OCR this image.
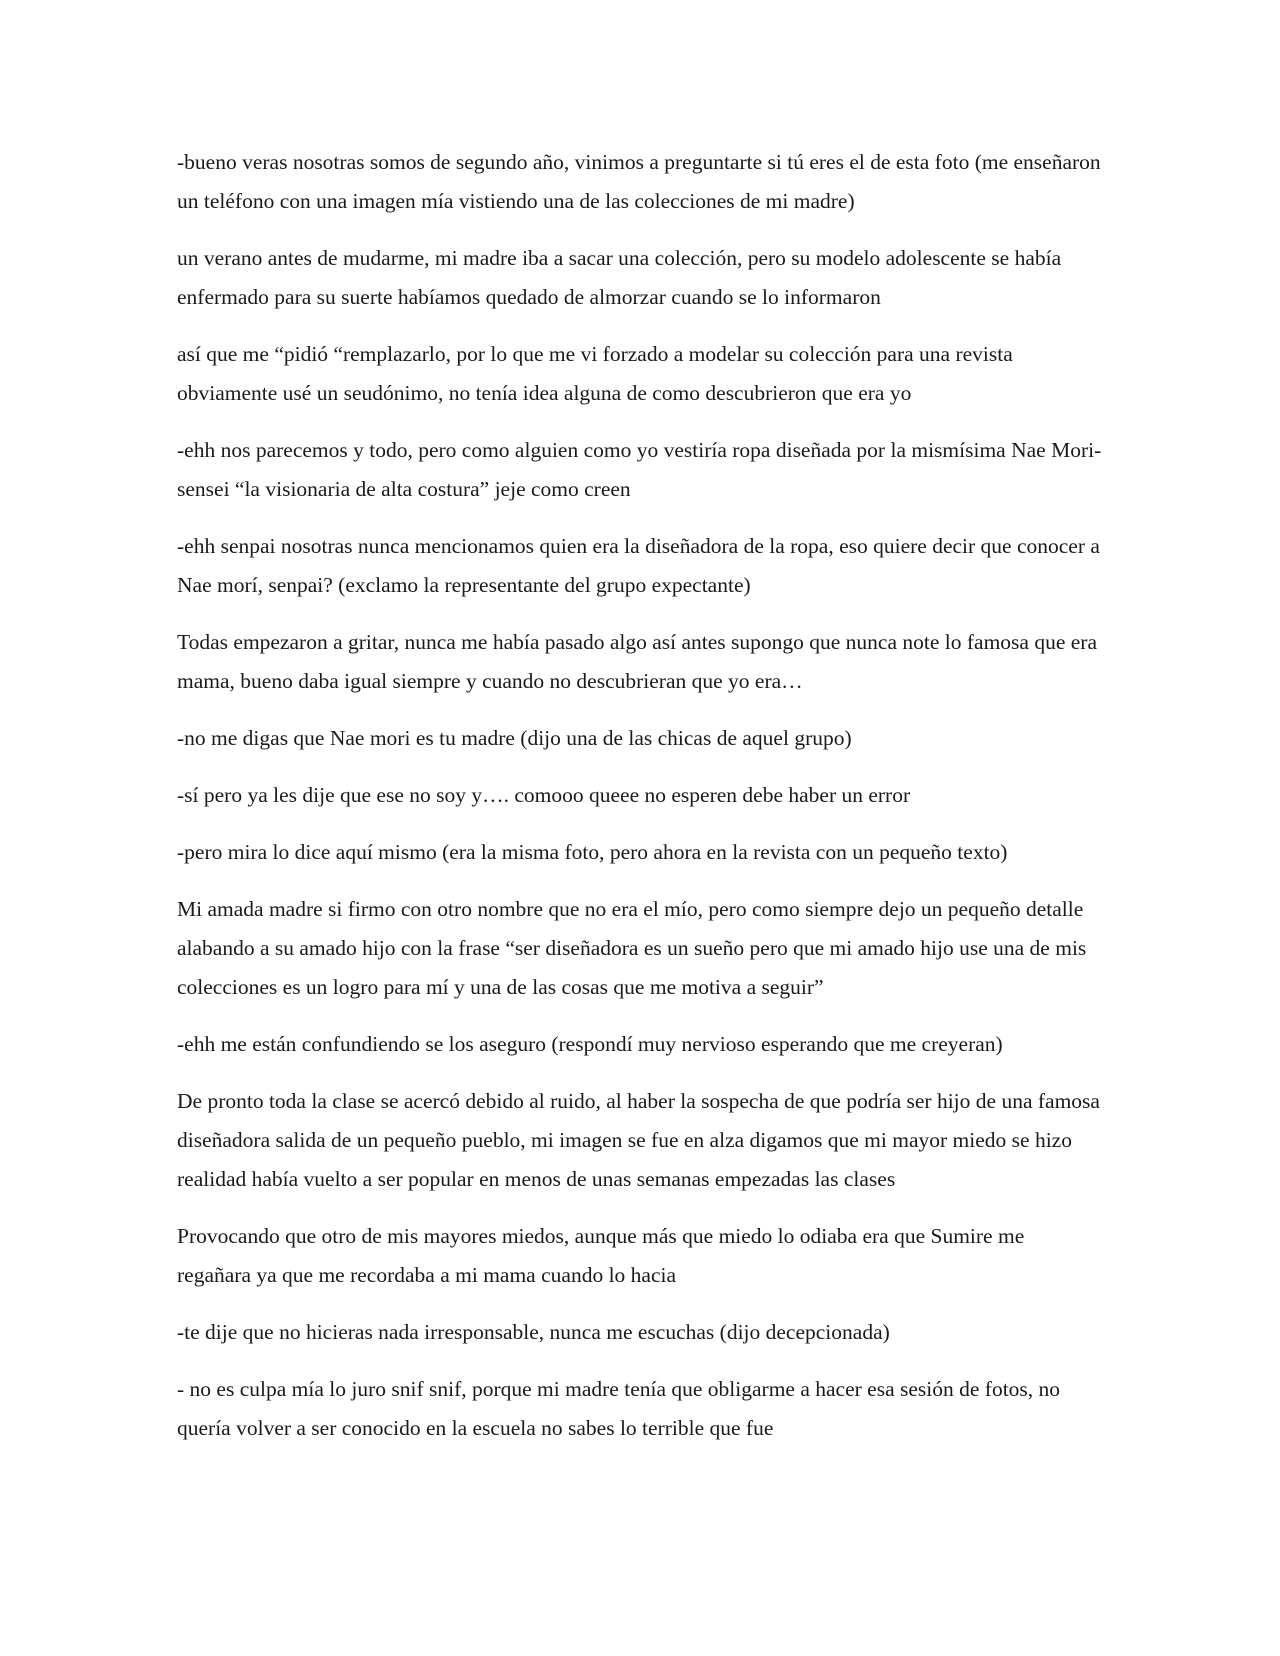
-bueno veras nosotras somos de segundo año, vinimos a preguntarte si tú eres el de esta foto (me enseñaron un teléfono con una imagen mía vistiendo una de las colecciones de mi madre)

un verano antes de mudarme, mi madre iba a sacar una colección, pero su modelo adolescente se había enfermado para su suerte habíamos quedado de almorzar cuando se lo informaron

así que me “pidió “remplazarlo, por lo que me vi forzado a modelar su colección para una revista obviamente usé un seudónimo, no tenía idea alguna de como descubrieron que era yo

-ehh nos parecemos y todo, pero como alguien como yo vestiría ropa diseñada por la mismísima Nae Mori-sensei “la visionaria de alta costura” jeje como creen

-ehh senpai nosotras nunca mencionamos quien era la diseñadora de la ropa, eso quiere decir que conocer a Nae morí, senpai? (exclamo la representante del grupo expectante)

Todas empezaron a gritar, nunca me había pasado algo así antes supongo que nunca note lo famosa que era mama, bueno daba igual siempre y cuando no descubrieran que yo era…

-no me digas que Nae mori es tu madre (dijo una de las chicas de aquel grupo)

-sí pero ya les dije que ese no soy y…. comooo queee no esperen debe haber un error

-pero mira lo dice aquí mismo (era la misma foto, pero ahora en la revista con un pequeño texto)

Mi amada madre si firmo con otro nombre que no era el mío, pero como siempre dejo un pequeño detalle alabando a su amado hijo con la frase “ser diseñadora es un sueño pero que mi amado hijo use una de mis colecciones es un logro para mí y una de las cosas que me motiva a seguir”

-ehh me están confundiendo se los aseguro (respondí muy nervioso esperando que me creyeran)

De pronto toda la clase se acercó debido al ruido, al haber la sospecha de que podría ser hijo de una famosa diseñadora salida de un pequeño pueblo, mi imagen se fue en alza digamos que mi mayor miedo se hizo realidad había vuelto a ser popular en menos de unas semanas empezadas las clases

Provocando que otro de mis mayores miedos, aunque más que miedo lo odiaba era que Sumire me regañara ya que me recordaba a mi mama cuando lo hacia

-te dije que no hicieras nada irresponsable, nunca me escuchas (dijo decepcionada)

- no es culpa mía lo juro snif snif, porque mi madre tenía que obligarme a hacer esa sesión de fotos, no quería volver a ser conocido en la escuela no sabes lo terrible que fue
